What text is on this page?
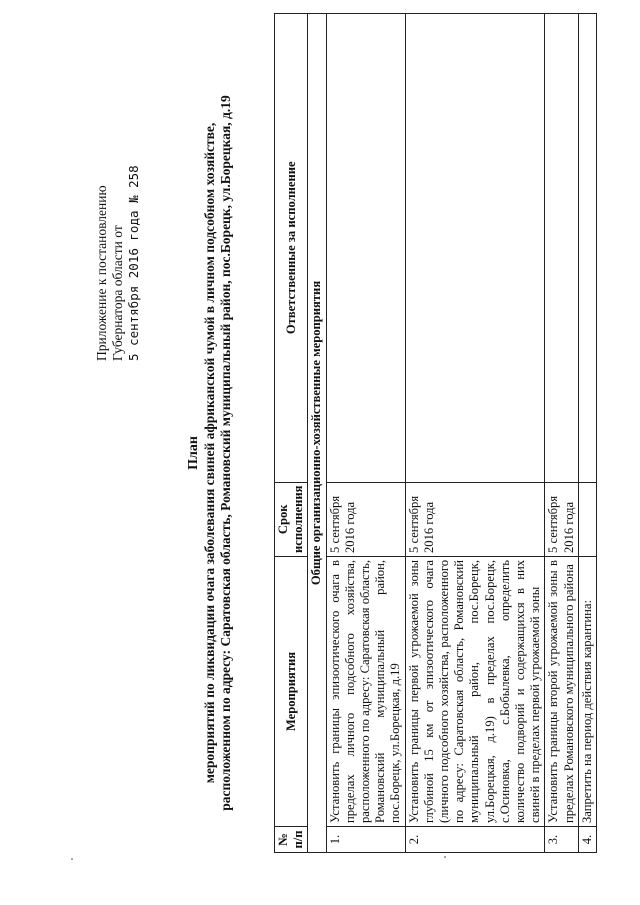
Приложение к постановлению Губернатора области от 5 сентября 2016 года № 258
План мероприятий по ликвидации очага заболевания свиней африканской чумой в личном подсобном хозяйстве, расположенном по адресу: Саратовская область, Романовский муниципальный район, пос.Борецк, ул.Борецкая, д.19
№ п/п	Мероприятия	Срок исполнения	Ответственные за исполнение
Общие организационно-хозяйственные мероприятия			
1.	Установить границы эпизоотического очага в пределах личного подсобного хозяйства, расположенного по адресу: Саратовская область, Романовский муниципальный район, пос.Борецк, ул.Борецкая, д.19	5 сентября 2016 года	
2.	Установить границы первой угрожаемой зоны глубиной 15 км от эпизоотического очага (личного подсобного хозяйства, расположенного по адресу: Саратовская область, Романовский муниципальный район, пос.Борецк, ул.Борецкая, д.19) в пределах пос.Борецк, с.Осиновка, с.Бобылевка, определить количество подворий и содержащихся в них свиней в пределах первой угрожаемой зоны	5 сентября 2016 года	
3.	Установить границы второй угрожаемой зоны в пределах Романовского муниципального района	5 сентября 2016 года	
4.	Запретить на период действия карантина:		
